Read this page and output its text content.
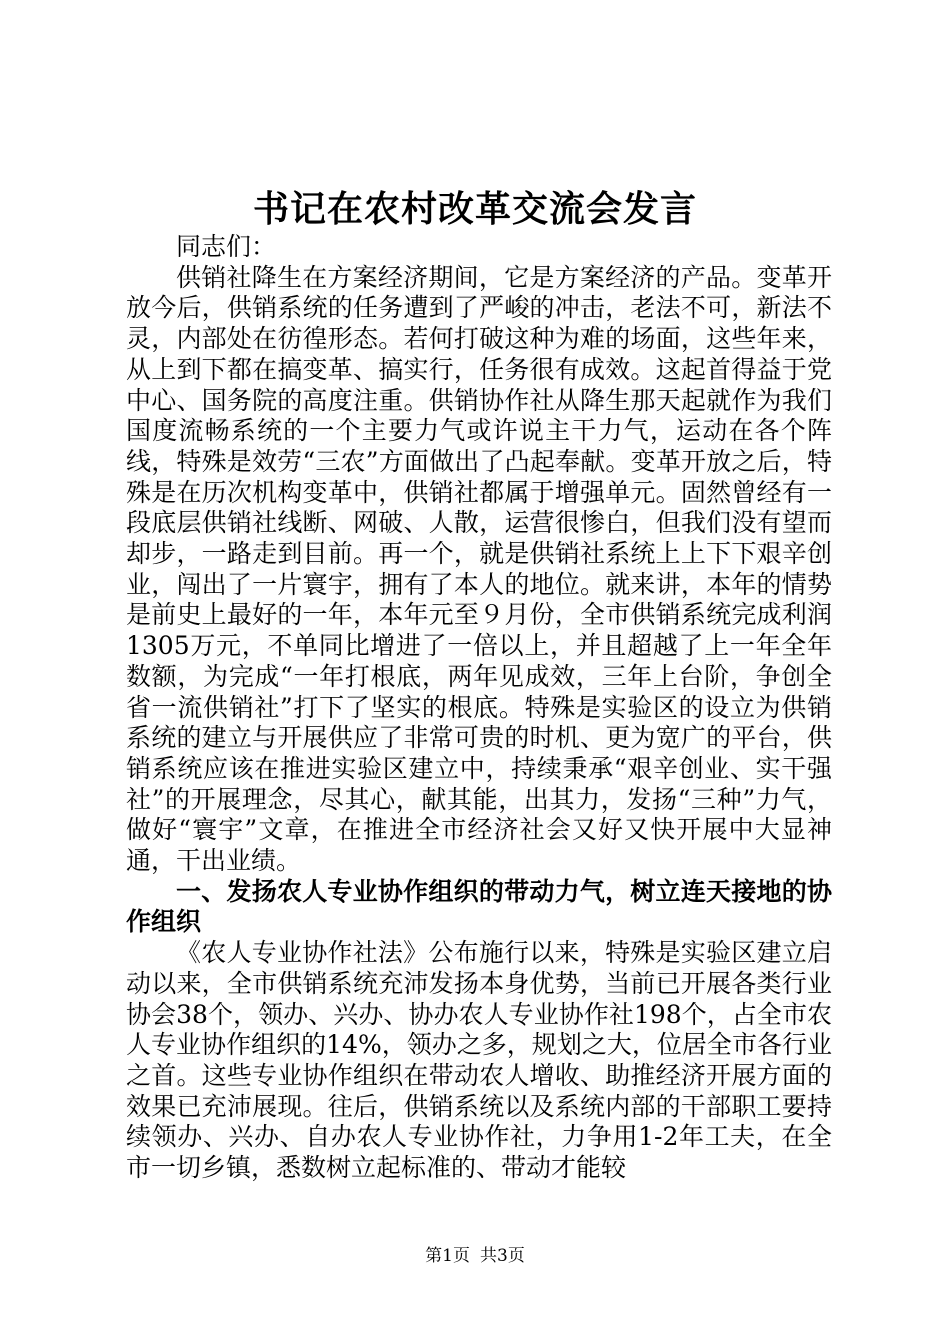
书记在农村改革交流会发言

同志们：

供销社降生在方案经济期间，它是方案经济的产品。变革开放今后，供销系统的任务遭到了严峻的冲击，老法不可，新法不灵，内部处在彷徨形态。若何打破这种为难的场面，这些年来，从上到下都在搞变革、搞实行，任务很有成效。这起首得益于党中心、国务院的高度注重。供销协作社从降生那天起就作为我们国度流畅系统的一个主要力气或许说主干力气，运动在各个阵线，特殊是效劳“三农”方面做出了凸起奉献。变革开放之后，特殊是在历次机构变革中，供销社都属于增强单元。固然曾经有一段底层供销社线断、网破、人散，运营很惨白，但我们没有望而却步，一路走到目前。再一个，就是供销社系统上上下下艰辛创业，闯出了一片寰宇，拥有了本人的地位。就来讲，本年的情势是前史上最好的一年，本年元至９月份，全市供销系统完成利润1305万元，不单同比增进了一倍以上，并且超越了上一年全年数额，为完成“一年打根底，两年见成效，三年上台阶，争创全省一流供销社”打下了坚实的根底。特殊是实验区的设立为供销系统的建立与开展供应了非常可贵的时机、更为宽广的平台，供销系统应该在推进实验区建立中，持续秉承“艰辛创业、实干强社”的开展理念，尽其心，献其能，出其力，发扬“三种”力气，做好“寰宇”文章，在推进全市经济社会又好又快开展中大显神通，干出业绩。

一、发扬农人专业协作组织的带动力气，树立连天接地的协作组织

《农人专业协作社法》公布施行以来，特殊是实验区建立启动以来，全市供销系统充沛发扬本身优势，当前已开展各类行业协会38个，领办、兴办、协办农人专业协作社198个，占全市农人专业协作组织的14%，领办之多，规划之大，位居全市各行业之首。这些专业协作组织在带动农人增收、助推经济开展方面的效果已充沛展现。往后，供销系统以及系统内部的干部职工要持续领办、兴办、自办农人专业协作社，力争用1-2年工夫，在全市一切乡镇，悉数树立起标准的、带动才能较

第1页 共3页
